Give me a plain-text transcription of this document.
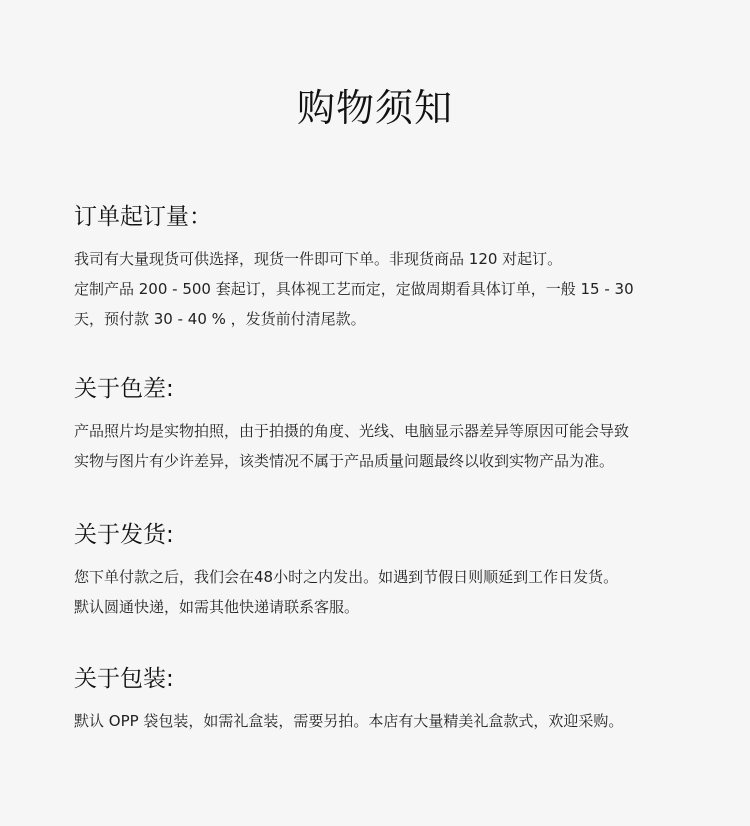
购物须知
订单起订量：

我司有大量现货可供选择，现货一件即可下单。非现货商品 120 对起订。

定制产品 200 - 500 套起订，具体视工艺而定，定做周期看具体订单，一般 15 - 30

天，预付款 30 - 40 % ，发货前付清尾款。

关于色差:

产品照片均是实物拍照，由于拍摄的角度、光线、电脑显示器差异等原因可能会导致

实物与图片有少许差异，该类情况不属于产品质量问题最终以收到实物产品为准。

关于发货:

您下单付款之后，我们会在48小时之内发出。如遇到节假日则顺延到工作日发货。

默认圆通快递，如需其他快递请联系客服。

关于包装:

默认 OPP 袋包装，如需礼盒装，需要另拍。本店有大量精美礼盒款式，欢迎采购。
